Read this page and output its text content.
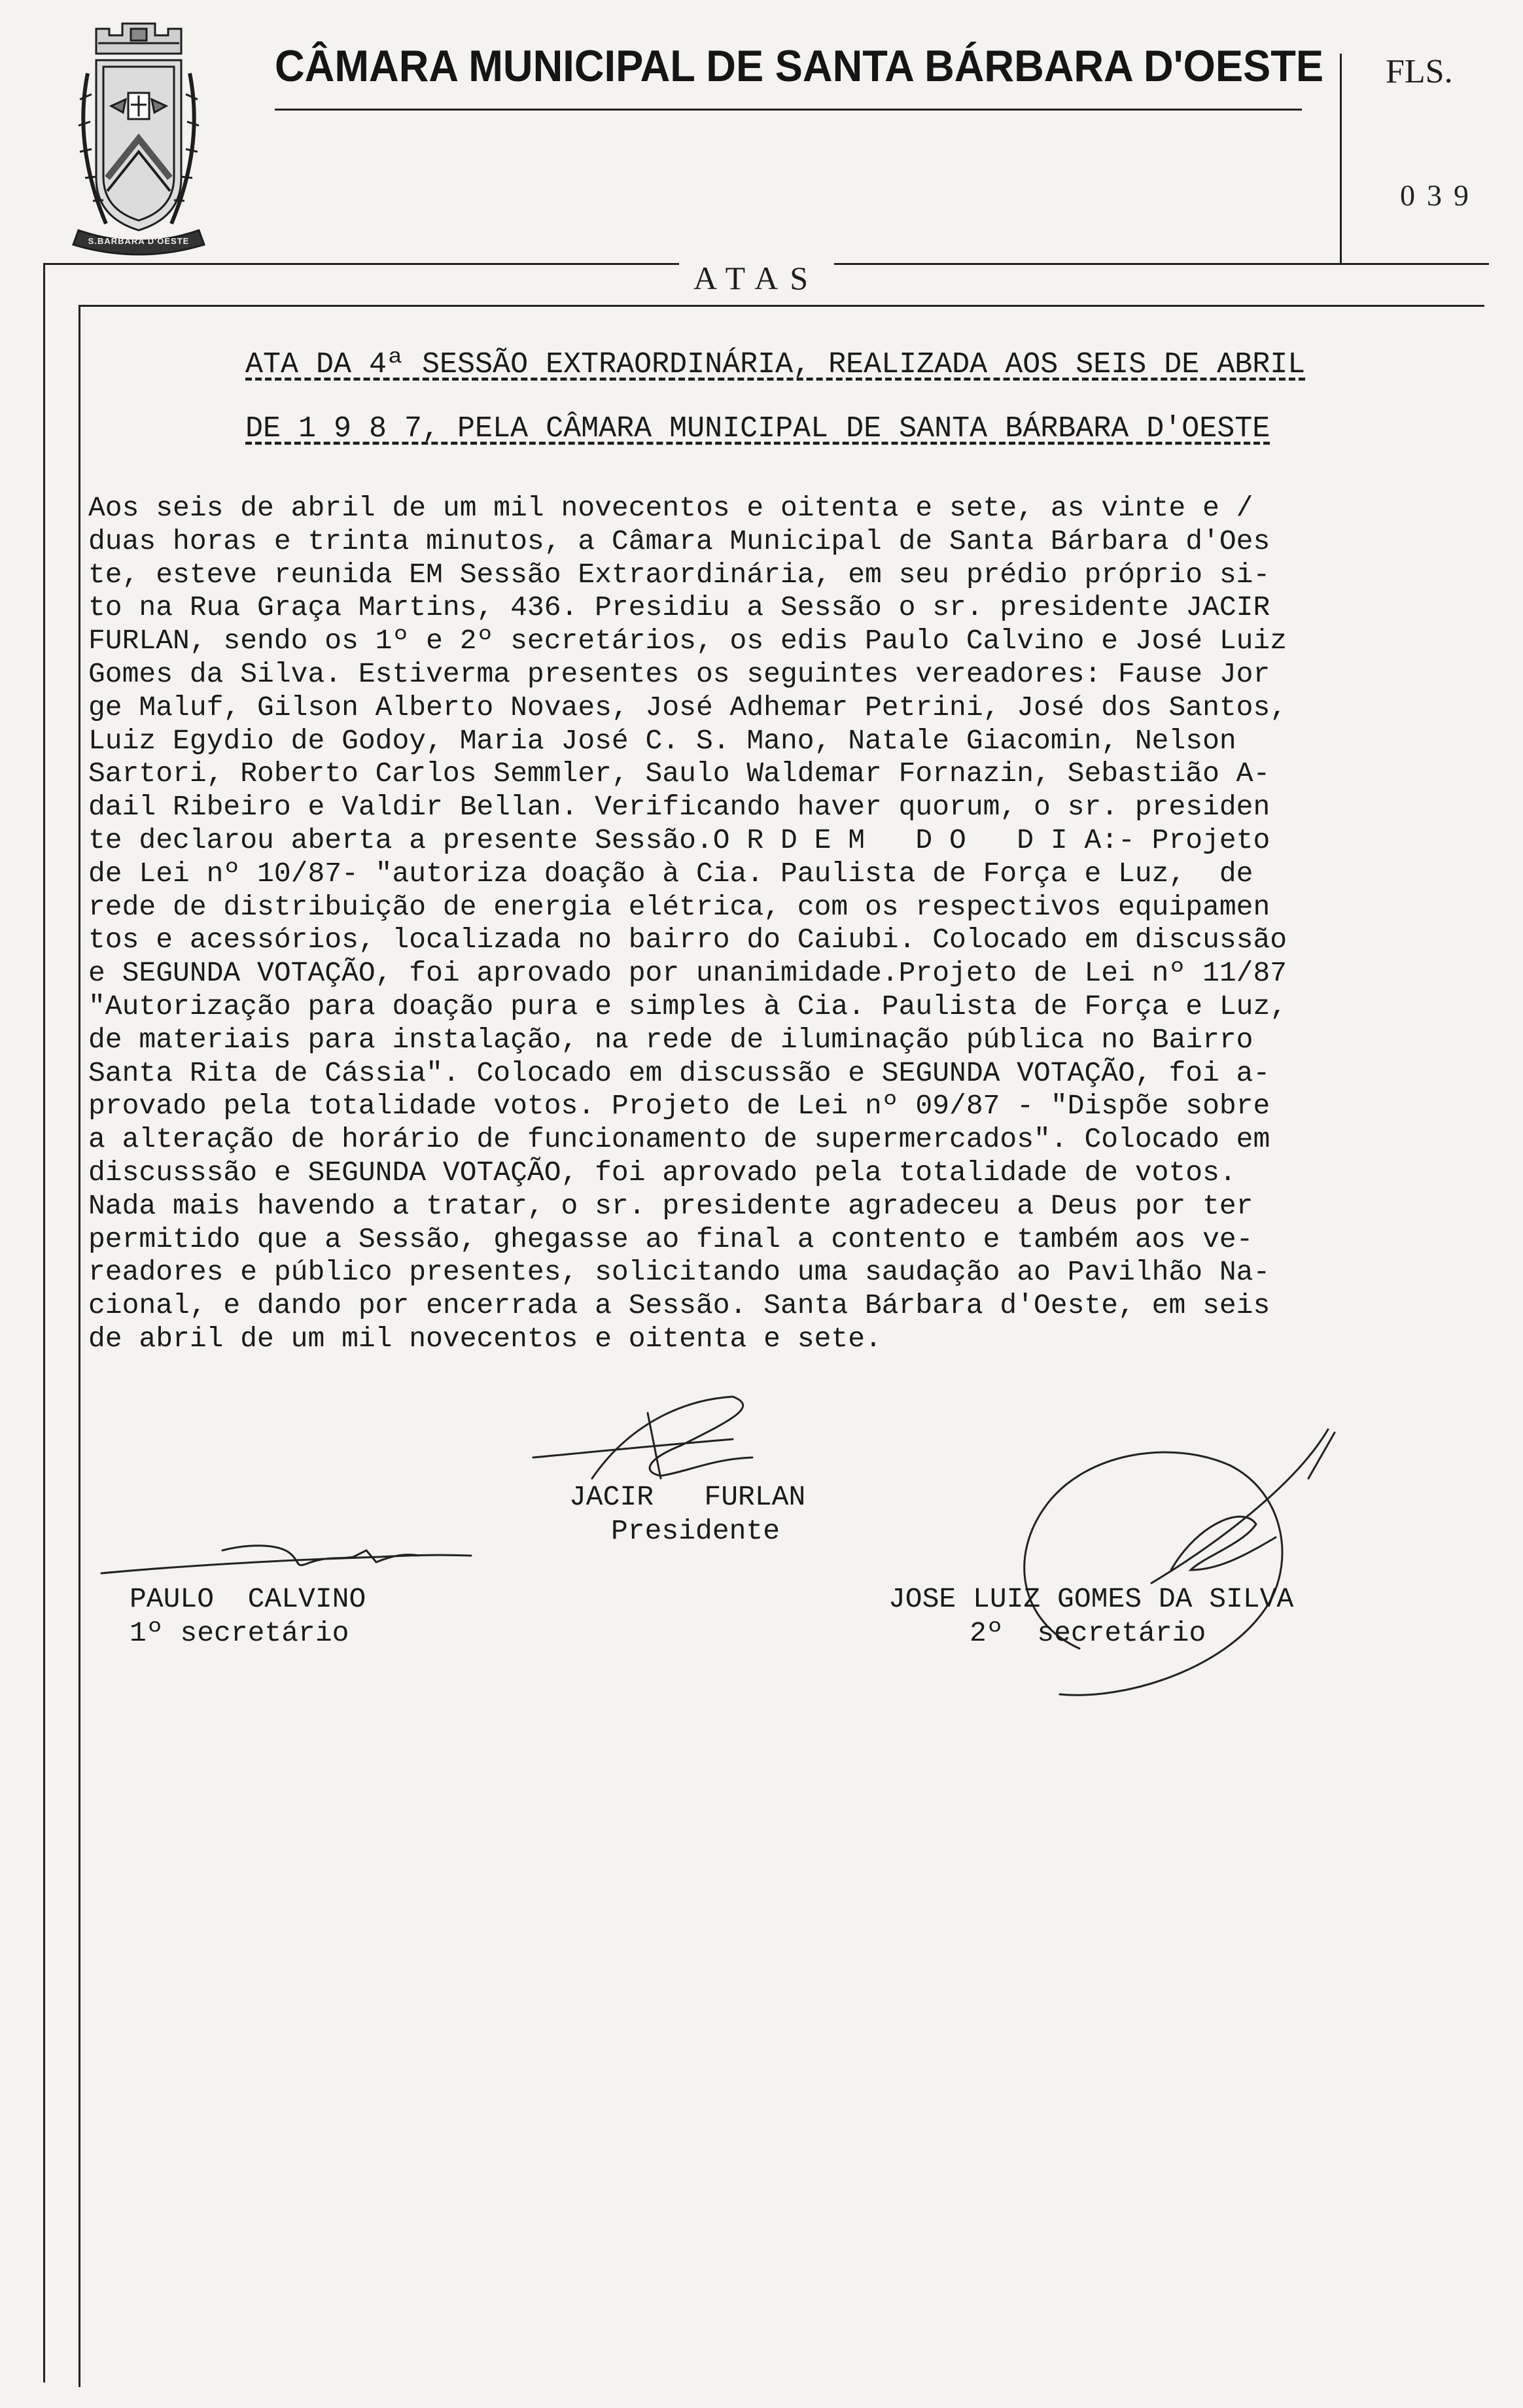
S.BARBARA D'OESTE
CÂMARA MUNICIPAL DE SANTA BÁRBARA D'OESTE FLS.
039
ATAS
ATA DA 4ª SESSÃO EXTRAORDINÁRIA, REALIZADA AOS SEIS DE ABRIL
DE 1 9 8 7, PELA CÂMARA MUNICIPAL DE SANTA BÁRBARA D'OESTE
Aos seis de abril de um mil novecentos e oitenta e sete, as vinte e /
duas horas e trinta minutos, a Câmara Municipal de Santa Bárbara d'Oes
te, esteve reunida EM Sessão Extraordinária, em seu prédio próprio si-
to na Rua Graça Martins, 436. Presidiu a Sessão o sr. presidente JACIR
FURLAN, sendo os 1º e 2º secretários, os edis Paulo Calvino e José Luiz
Gomes da Silva. Estiverma presentes os seguintes vereadores: Fause Jor
ge Maluf, Gilson Alberto Novaes, José Adhemar Petrini, José dos Santos,
Luiz Egydio de Godoy, Maria José C. S. Mano, Natale Giacomin, Nelson
Sartori, Roberto Carlos Semmler, Saulo Waldemar Fornazin, Sebastião A-
dail Ribeiro e Valdir Bellan. Verificando haver quorum, o sr. presiden
te declarou aberta a presente Sessão.O R D E M   D O   D I A:- Projeto
de Lei nº 10/87- "autoriza doação à Cia. Paulista de Força e Luz,  de
rede de distribuição de energia elétrica, com os respectivos equipamen
tos e acessórios, localizada no bairro do Caiubi. Colocado em discussão
e SEGUNDA VOTAÇÃO, foi aprovado por unanimidade.Projeto de Lei nº 11/87
"Autorização para doação pura e simples à Cia. Paulista de Força e Luz,
de materiais para instalação, na rede de iluminação pública no Bairro
Santa Rita de Cássia". Colocado em discussão e SEGUNDA VOTAÇÃO, foi a-
provado pela totalidade votos. Projeto de Lei nº 09/87 - "Dispõe sobre
a alteração de horário de funcionamento de supermercados". Colocado em
discusssão e SEGUNDA VOTAÇÃO, foi aprovado pela totalidade de votos.
Nada mais havendo a tratar, o sr. presidente agradeceu a Deus por ter
permitido que a Sessão, ghegasse ao final a contento e também aos ve-
readores e público presentes, solicitando uma saudação ao Pavilhão Na-
cional, e dando por encerrada a Sessão. Santa Bárbara d'Oeste, em seis
de abril de um mil novecentos e oitenta e sete.
JACIR   FURLAN
Presidente
PAULO  CALVINO
1º secretário
JOSE LUIZ GOMES DA SILVA
2º  secretário
